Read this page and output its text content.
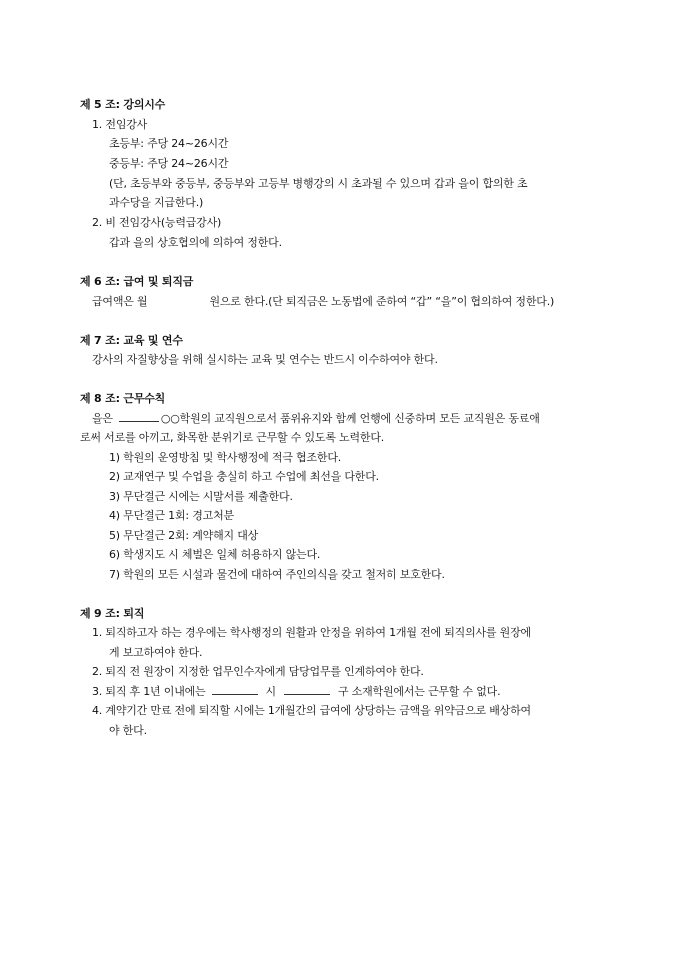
제 5 조: 강의시수
1. 전임강사
초등부: 주당 24~26시간
중등부: 주당 24~26시간
(단, 초등부와 중등부, 중등부와 고등부 병행강의 시 초과될 수 있으며 갑과 을이 합의한 초
과수당을 지급한다.)
2. 비 전임강사(능력급강사)
갑과 을의 상호협의에 의하여 정한다.
제 6 조: 급여 및 퇴직금
급여액은 월	원으로 한다.(단 퇴직금은 노동법에 준하여 “갑” “을”이 협의하여 정한다.)
제 7 조: 교육 및 연수
강사의 자질향상을 위해 실시하는 교육 및 연수는 반드시 이수하여야 한다.
제 8 조: 근무수칙
을은	○○학원의 교직원으로서 품위유지와 함께 언행에 신중하며 모든 교직원은 동료애
로써 서로를 아끼고, 화목한 분위기로 근무할 수 있도록 노력한다.
1) 학원의 운영방침 및 학사행정에 적극 협조한다.
2) 교재연구 및 수업을 충실히 하고 수업에 최선을 다한다.
3) 무단결근 시에는 시말서를 제출한다.
4) 무단결근 1회: 경고처분
5) 무단결근 2회: 계약해지 대상
6) 학생지도 시 체벌은 일체 허용하지 않는다.
7) 학원의 모든 시설과 물건에 대하여 주인의식을 갖고 철저히 보호한다.
제 9 조: 퇴직
1. 퇴직하고자 하는 경우에는 학사행정의 원활과 안정을 위하여 1개월 전에 퇴직의사를 원장에
게 보고하여야 한다.
2. 퇴직 전 원장이 지정한 업무인수자에게 담당업무를 인계하여야 한다.
3. 퇴직 후 1년 이내에는	시	구 소재학원에서는 근무할 수 없다.
4. 계약기간 만료 전에 퇴직할 시에는 1개월간의 급여에 상당하는 금액을 위약금으로 배상하여
야 한다.
